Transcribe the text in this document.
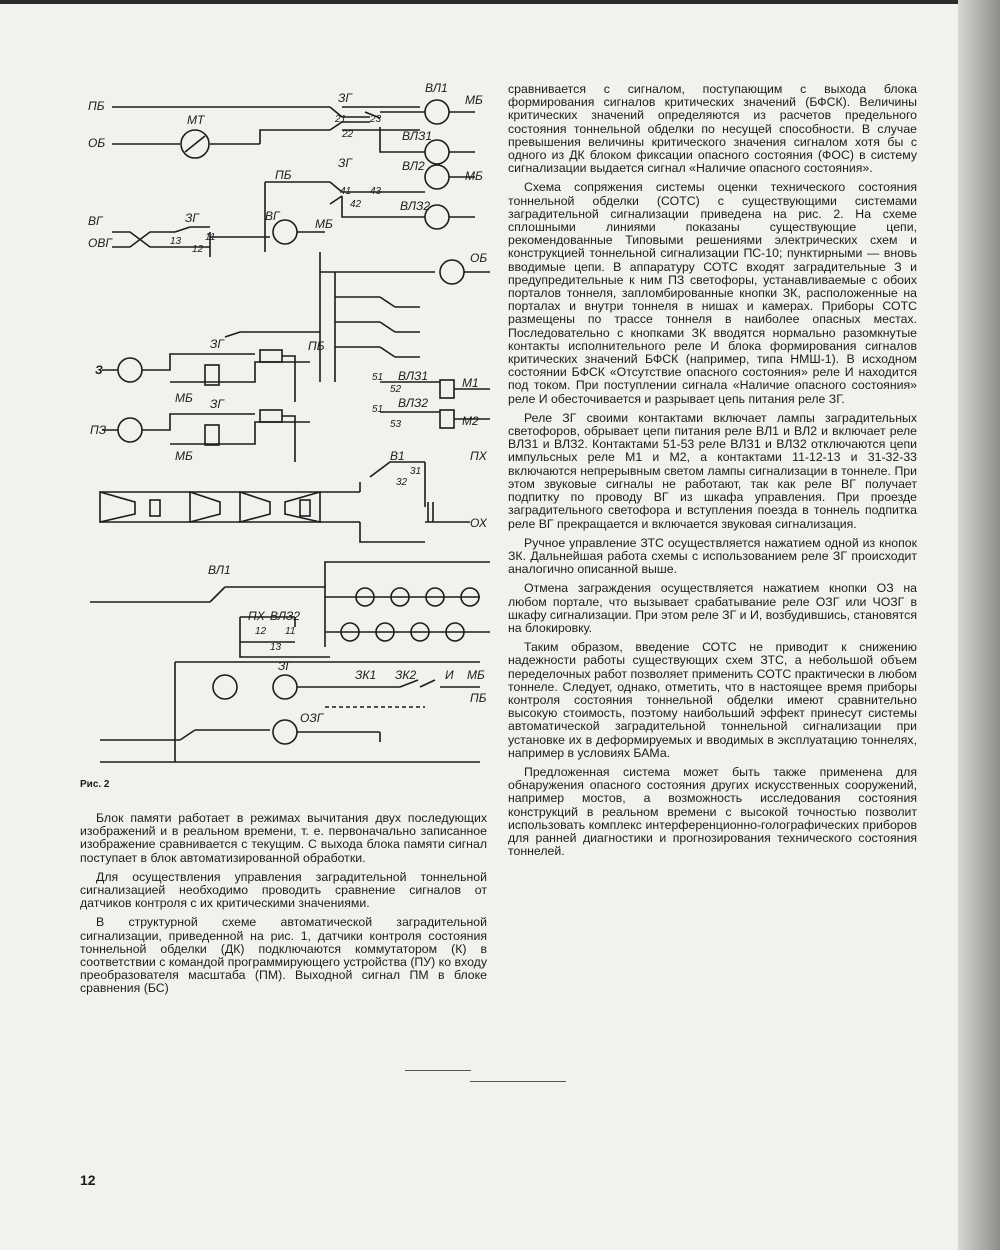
ПБ
ОБ
МТ
ЗГ
ВЛ1
МБ
ВЛЗ1
21
22
23
ПБ
ЗГ	ВЛ2
МБ
41
42
43
ВЛЗ2
ВГ
ОВГ
ЗГ
13 11
12
ВГ
МБ
ОБ
З
ЗГ	ПБ
МБ
51 ВЛЗ1
52	М1
51 ВЛЗ2
53	М2
ПЗ
ЗГ
МБ	В1
31
32
ПХ
ОХ
ВЛ1
ПХ ВЛЗ2
12 11
13
ЗГ
ЗК1 ЗК2 И МБ
ПБ
ОЗГ
Рис. 2

Блок памяти работает в режимах вычитания двух последующих изображений и в реальном времени, т. е. первоначально записанное изображение сравнивается с текущим. С выхода блока памяти сигнал поступает в блок автоматизированной обработки.

Для осуществления управления заградительной тоннельной сигнализацией необходимо проводить сравнение сигналов от датчиков контроля с их критическими значениями.

В структурной схеме автоматической заградительной сигнализации, приведенной на рис. 1, датчики контроля состояния тоннельной обделки (ДК) подключаются коммутатором (К) в соответствии с командой программирующего устройства (ПУ) ко входу преобразователя масштаба (ПМ). Выходной сигнал ПМ в блоке сравнения (БС)

сравнивается с сигналом, поступающим с выхода блока формирования сигналов критических значений (БФСК). Величины критических значений определяются из расчетов предельного состояния тоннельной обделки по несущей способности. В случае превышения величины критического значения сигналом хотя бы с одного из ДК блоком фиксации опасного состояния (ФОС) в систему сигнализации выдается сигнал «Наличие опасного состояния».

Схема сопряжения системы оценки технического состояния тоннельной обделки (СОТС) с существующими системами заградительной сигнализации приведена на рис. 2. На схеме сплошными линиями показаны существующие цепи, рекомендованные Типовыми решениями электрических схем и конструкцией тоннельной сигнализации ПС-10; пунктирными — вновь вводимые цепи. В аппаратуру СОТС входят заградительные З и предупредительные к ним ПЗ светофоры, устанавливаемые с обоих порталов тоннеля, запломбированные кнопки ЗК, расположенные на порталах и внутри тоннеля в нишах и камерах. Приборы СОТС размещены по трассе тоннеля в наиболее опасных местах. Последовательно с кнопками ЗК вводятся нормально разомкнутые контакты исполнительного реле И блока формирования сигналов критических значений БФСК (например, типа НМШ-1). В исходном состоянии БФСК «Отсутствие опасного состояния» реле И находится под током. При поступлении сигнала «Наличие опасного состояния» реле И обесточивается и разрывает цепь питания реле ЗГ.

Реле ЗГ своими контактами включает лампы заградительных светофоров, обрывает цепи питания реле ВЛ1 и ВЛ2 и включает реле ВЛЗ1 и ВЛЗ2. Контактами 51-53 реле ВЛЗ1 и ВЛЗ2 отключаются цепи импульсных реле М1 и М2, а контактами 11-12-13 и 31-32-33 включаются непрерывным светом лампы сигнализации в тоннеле. При этом звуковые сигналы не работают, так как реле ВГ получает подпитку по проводу ВГ из шкафа управления. При проезде заградительного светофора и вступления поезда в тоннель подпитка реле ВГ прекращается и включается звуковая сигнализация.

Ручное управление ЗТС осуществляется нажатием одной из кнопок ЗК. Дальнейшая работа схемы с использованием реле ЗГ происходит аналогично описанной выше.

Отмена заграждения осуществляется нажатием кнопки ОЗ на любом портале, что вызывает срабатывание реле ОЗГ или ЧОЗГ в шкафу сигнализации. При этом реле ЗГ и И, возбудившись, становятся на блокировку.

Таким образом, введение СОТС не приводит к снижению надежности работы существующих схем ЗТС, а небольшой объем переделочных работ позволяет применить СОТС практически в любом тоннеле. Следует, однако, отметить, что в настоящее время приборы контроля состояния тоннельной обделки имеют сравнительно высокую стоимость, поэтому наибольший эффект принесут системы автоматической заградительной тоннельной сигнализации при установке их в деформируемых и вводимых в эксплуатацию тоннелях, например в условиях БАМа.

Предложенная система может быть также применена для обнаружения опасного состояния других искусственных сооружений, например мостов, а возможность исследования состояния конструкций в реальном времени с высокой точностью позволит использовать комплекс интерференционно-голографических приборов для ранней диагностики и прогнозирования технического состояния тоннелей.

12
